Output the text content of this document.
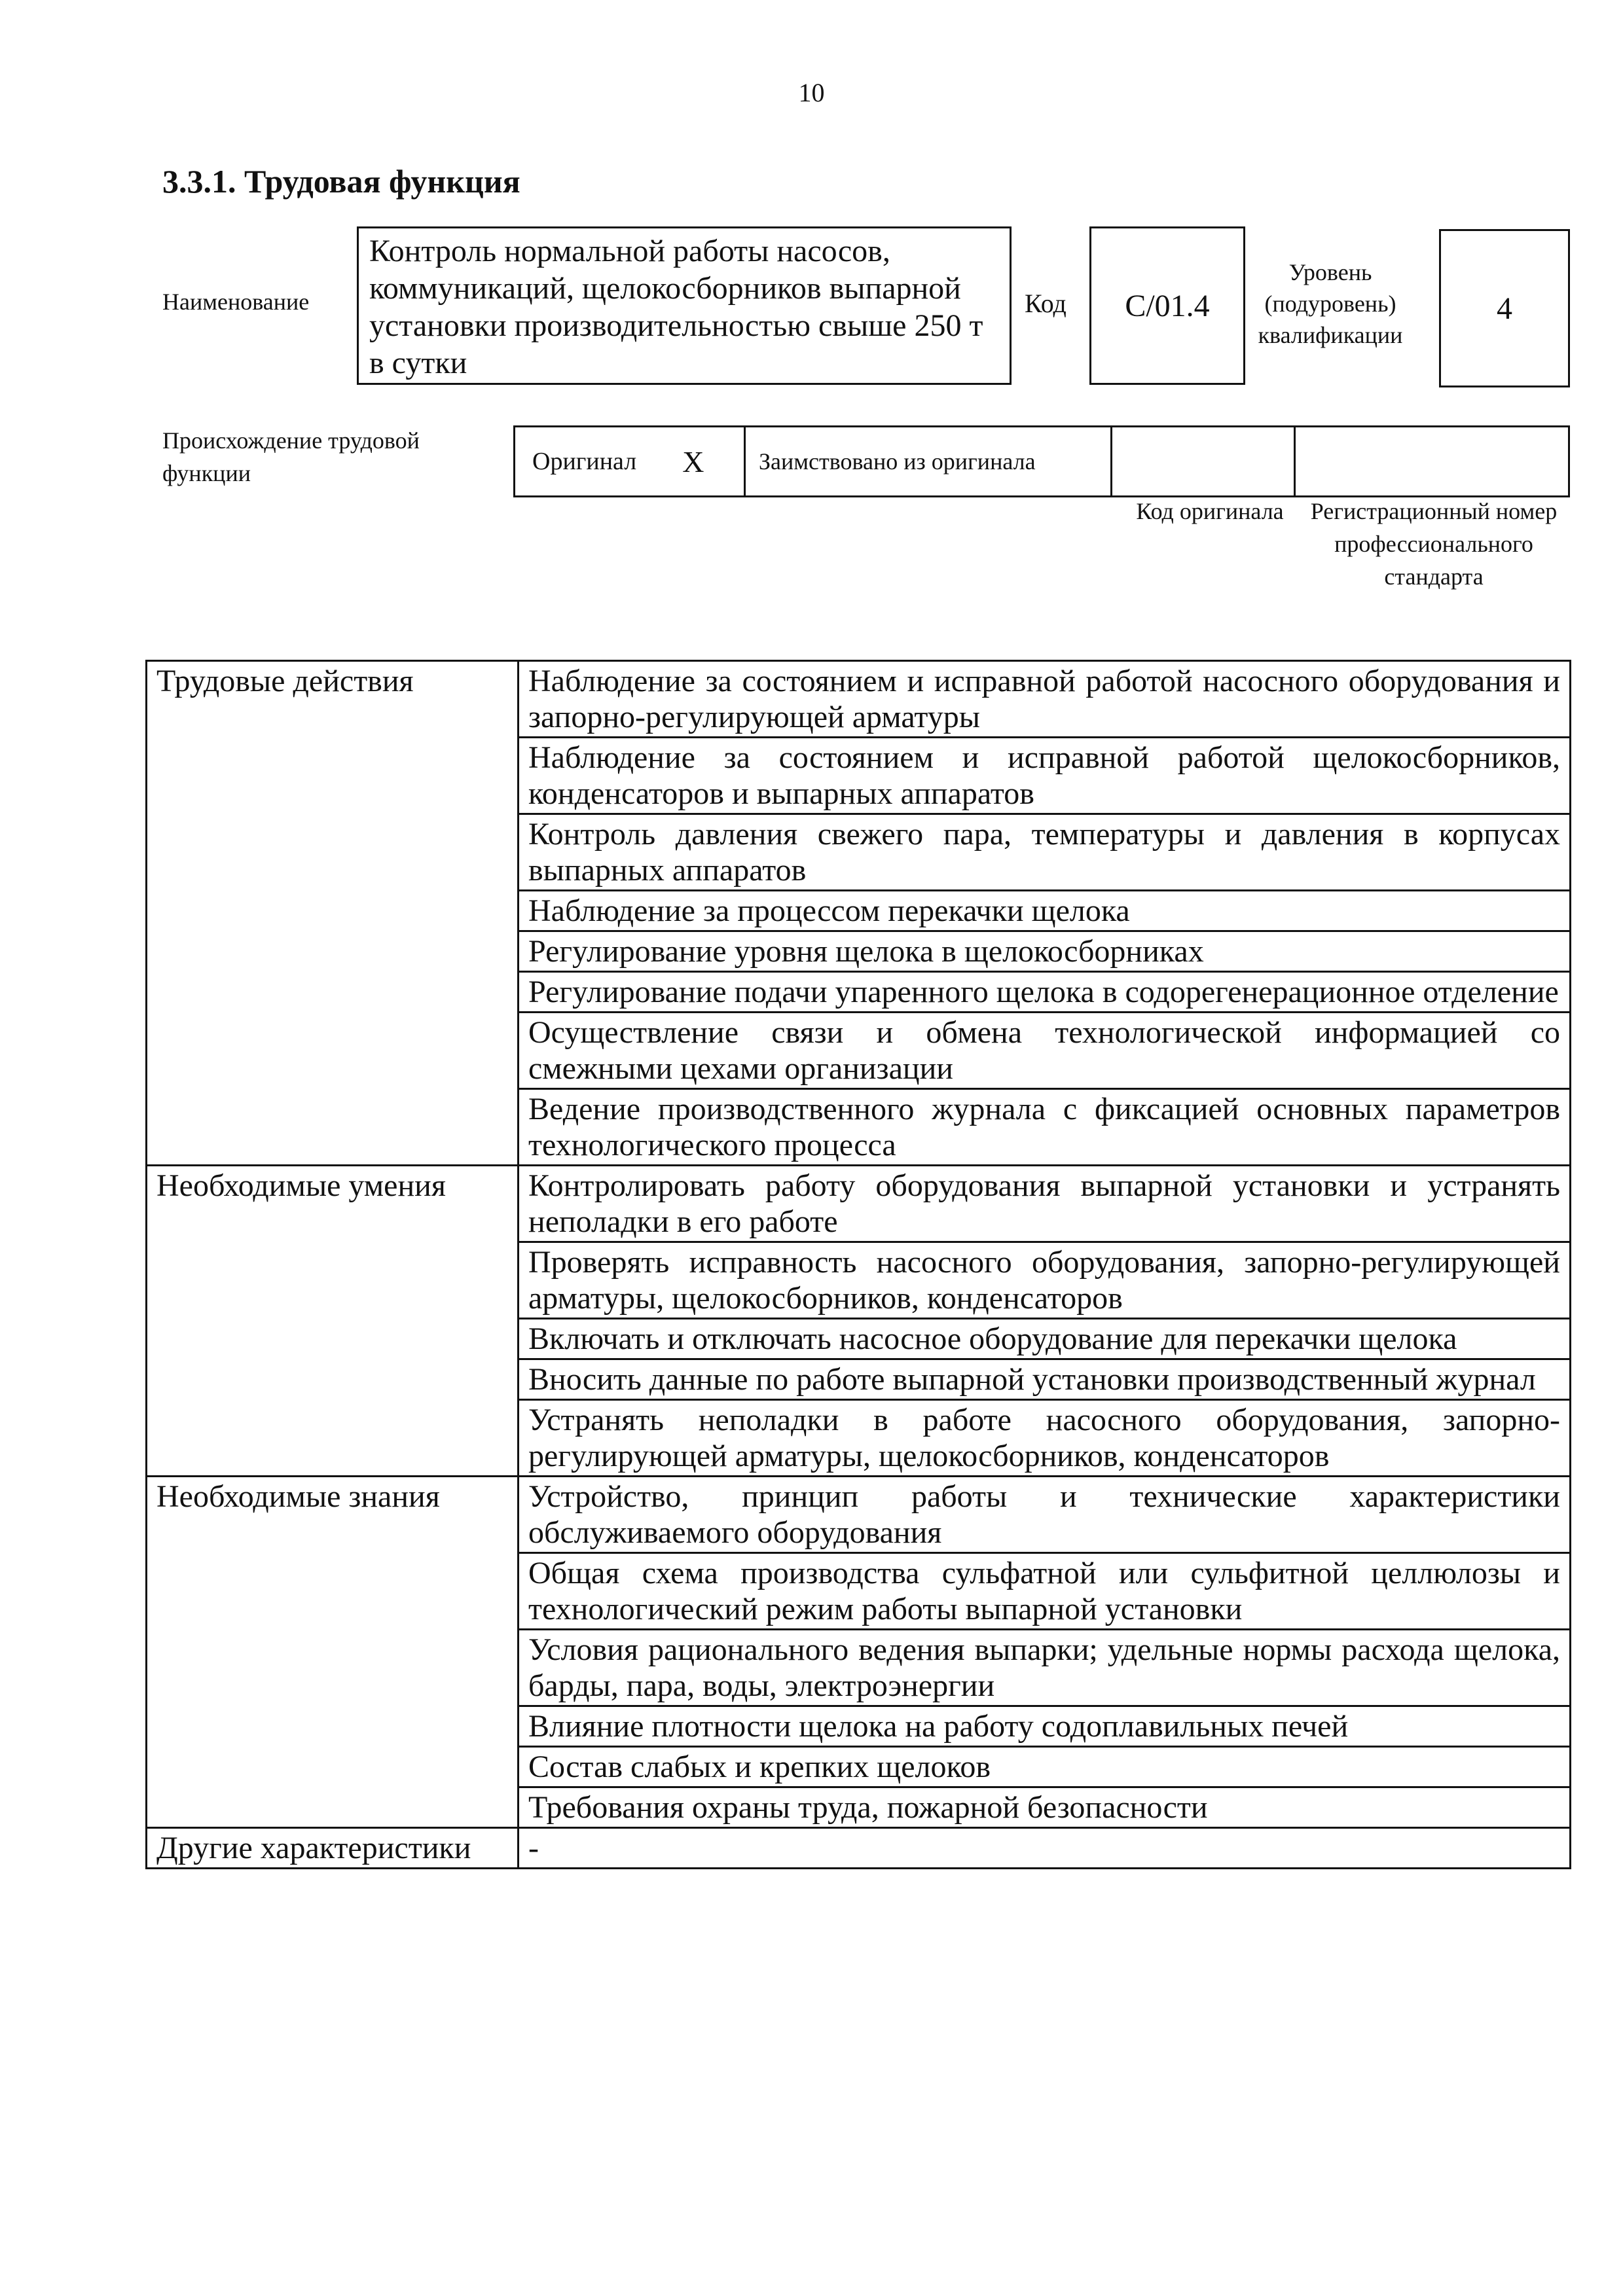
10
3.3.1. Трудовая функция
Наименование
Контроль нормальной работы насосов, коммуникаций, щелокосборников выпарной установки производительностью свыше 250 т в сутки
Код	C/01.4
Уровень (подуровень) квалификации
4
Происхождение трудовой функции	Оригинал X	Заимствовано из оригинала
Код оригинала	Регистрационный номер профессионального стандарта
Трудовые действия	Наблюдение за состоянием и исправной работой насосного оборудования и запорно-регулирующей арматуры
	Наблюдение за состоянием и исправной работой щелокосборников, конденсаторов и выпарных аппаратов
	Контроль давления свежего пара, температуры и давления в корпусах выпарных аппаратов
	Наблюдение за процессом перекачки щелока
	Регулирование уровня щелока в щелокосборниках
	Регулирование подачи упаренного щелока в содорегенерационное отделение
	Осуществление связи и обмена технологической информацией со смежными цехами организации
	Ведение производственного журнала с фиксацией основных параметров технологического процесса
Необходимые умения	Контролировать работу оборудования выпарной установки и устранять неполадки в его работе
	Проверять исправность насосного оборудования, запорно-регулирующей арматуры, щелокосборников, конденсаторов
	Включать и отключать насосное оборудование для перекачки щелока
	Вносить данные по работе выпарной установки производственный журнал
	Устранять неполадки в работе насосного оборудования, запорно-регулирующей арматуры, щелокосборников, конденсаторов
Необходимые знания	Устройство, принцип работы и технические характеристики обслуживаемого оборудования
	Общая схема производства сульфатной или сульфитной целлюлозы и технологический режим работы выпарной установки
	Условия рационального ведения выпарки; удельные нормы расхода щелока, барды, пара, воды, электроэнергии
	Влияние плотности щелока на работу содоплавильных печей
	Состав слабых и крепких щелоков
	Требования охраны труда, пожарной безопасности
Другие характеристики	-
